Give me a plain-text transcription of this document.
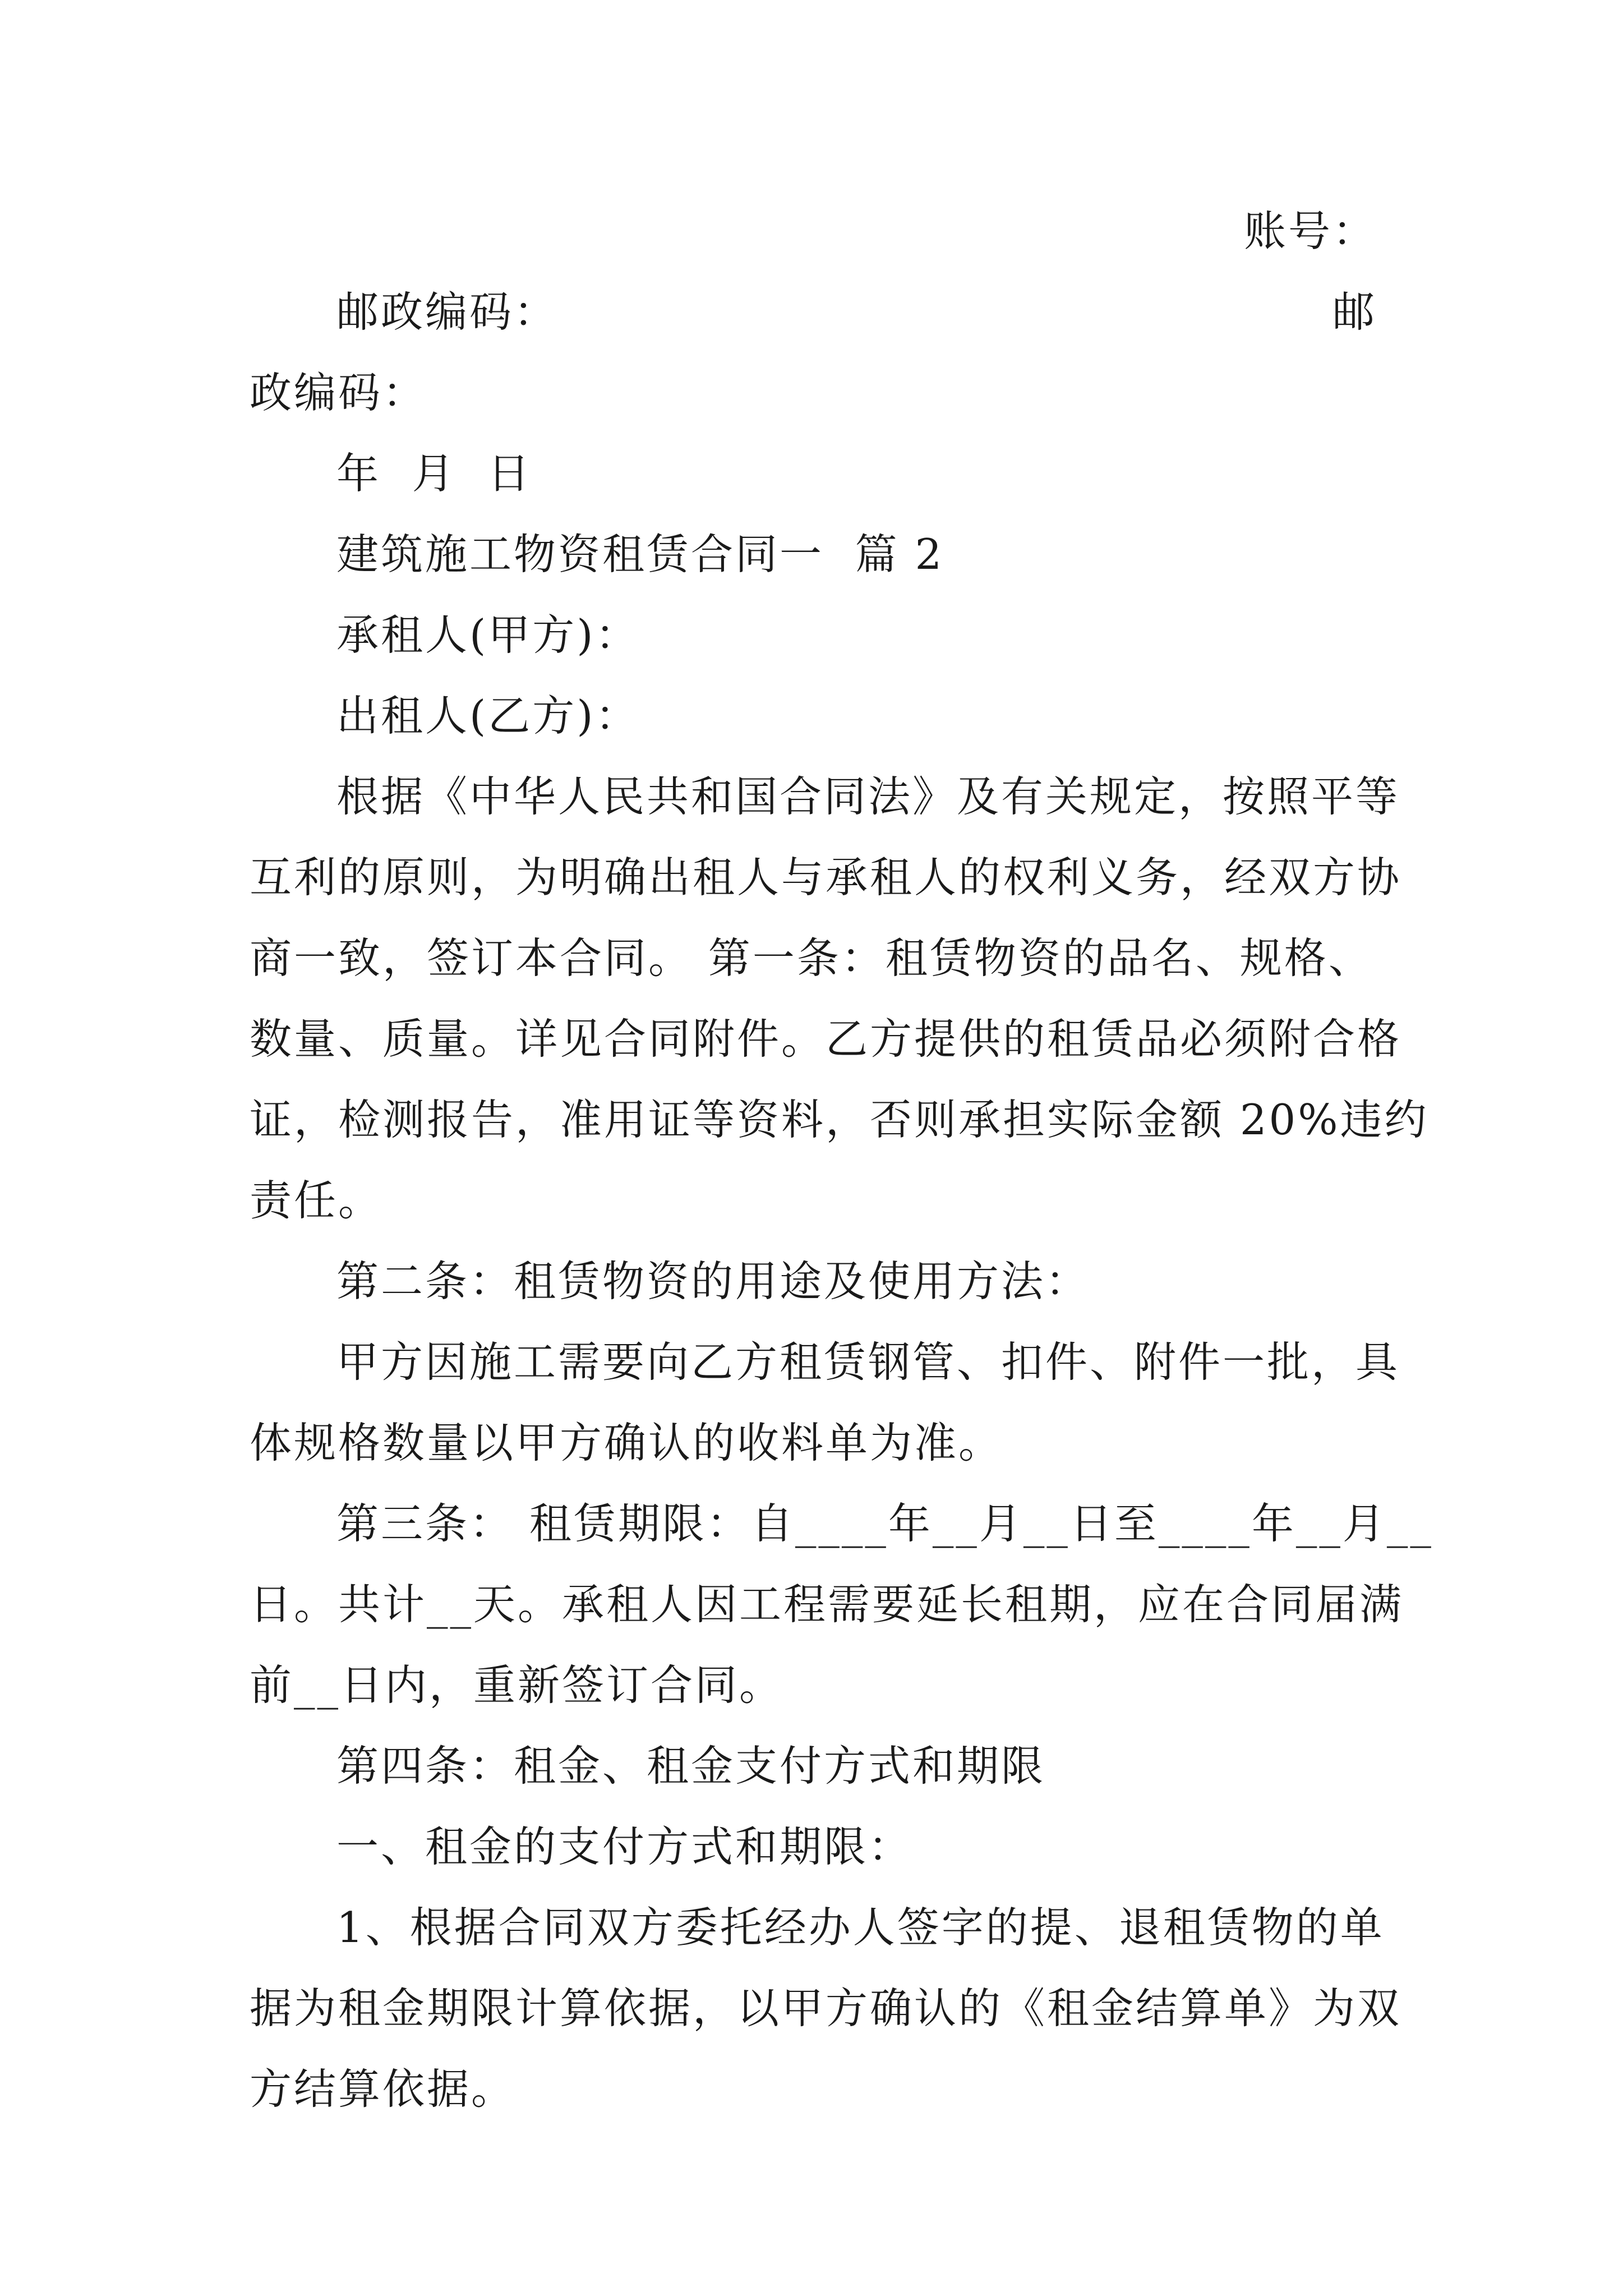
账号：
邮政编码：	邮
政编码：
年  月  日
建筑施工物资租赁合同一  篇 2
承租人(甲方)：
出租人(乙方)：
根据《中华人民共和国合同法》及有关规定，按照平等
互利的原则，为明确出租人与承租人的权利义务，经双方协
商一致，签订本合同。 第一条：租赁物资的品名、规格、
数量、质量。详见合同附件。乙方提供的租赁品必须附合格
证，检测报告，准用证等资料，否则承担实际金额 20%违约
责任。
第二条：租赁物资的用途及使用方法：
甲方因施工需要向乙方租赁钢管、扣件、附件一批，具
体规格数量以甲方确认的收料单为准。
第三条： 租赁期限：自____年__月__日至____年__月__
日。共计__天。承租人因工程需要延长租期，应在合同届满
前__日内，重新签订合同。
第四条：租金、租金支付方式和期限
一、租金的支付方式和期限：
1、根据合同双方委托经办人签字的提、退租赁物的单
据为租金期限计算依据，以甲方确认的《租金结算单》为双
方结算依据。
